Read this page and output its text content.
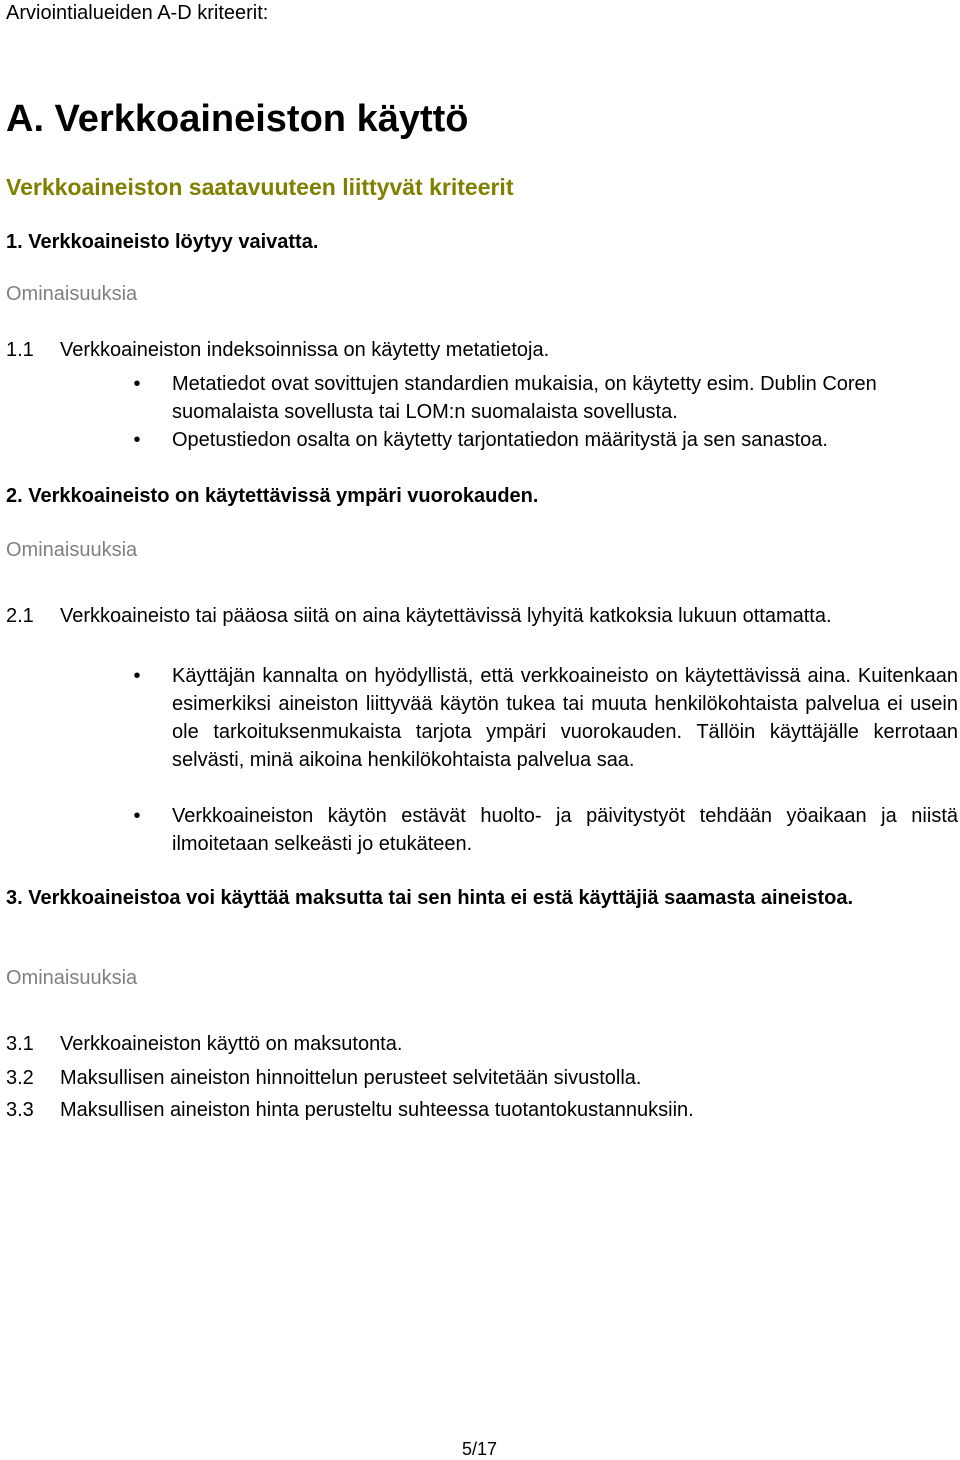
Arviointialueiden A-D kriteerit:
A. Verkkoaineiston käyttö
Verkkoaineiston saatavuuteen liittyvät kriteerit
1. Verkkoaineisto löytyy vaivatta.
Ominaisuuksia
1.1	Verkkoaineiston indeksoinnissa on käytetty metatietoja.
• Metatiedot ovat sovittujen standardien mukaisia, on käytetty esim. Dublin Coren suomalaista sovellusta tai LOM:n suomalaista sovellusta.
• Opetustiedon osalta on käytetty tarjontatiedon määritystä ja sen sanastoa.
2. Verkkoaineisto on käytettävissä ympäri vuorokauden.
Ominaisuuksia
2.1	Verkkoaineisto tai pääosa siitä on aina käytettävissä lyhyitä katkoksia lukuun ottamatta.
• Käyttäjän kannalta on hyödyllistä, että verkkoaineisto on käytettävissä aina. Kuitenkaan esimerkiksi aineiston liittyvää käytön tukea tai muuta henkilökohtaista palvelua ei usein ole tarkoituksenmukaista tarjota ympäri vuorokauden. Tällöin käyttäjälle kerrotaan selvästi, minä aikoina henkilökohtaista palvelua saa.
• Verkkoaineiston käytön estävät huolto- ja päivitystyöt tehdään yöaikaan ja niistä ilmoitetaan selkeästi jo etukäteen.
3. Verkkoaineistoa voi käyttää maksutta tai sen hinta ei estä käyttäjiä saamasta aineistoa.
Ominaisuuksia
3.1	Verkkoaineiston käyttö on maksutonta.
3.2	Maksullisen aineiston hinnoittelun perusteet selvitetään sivustolla.
3.3	Maksullisen aineiston hinta perusteltu suhteessa tuotantokustannuksiin.
5/17
